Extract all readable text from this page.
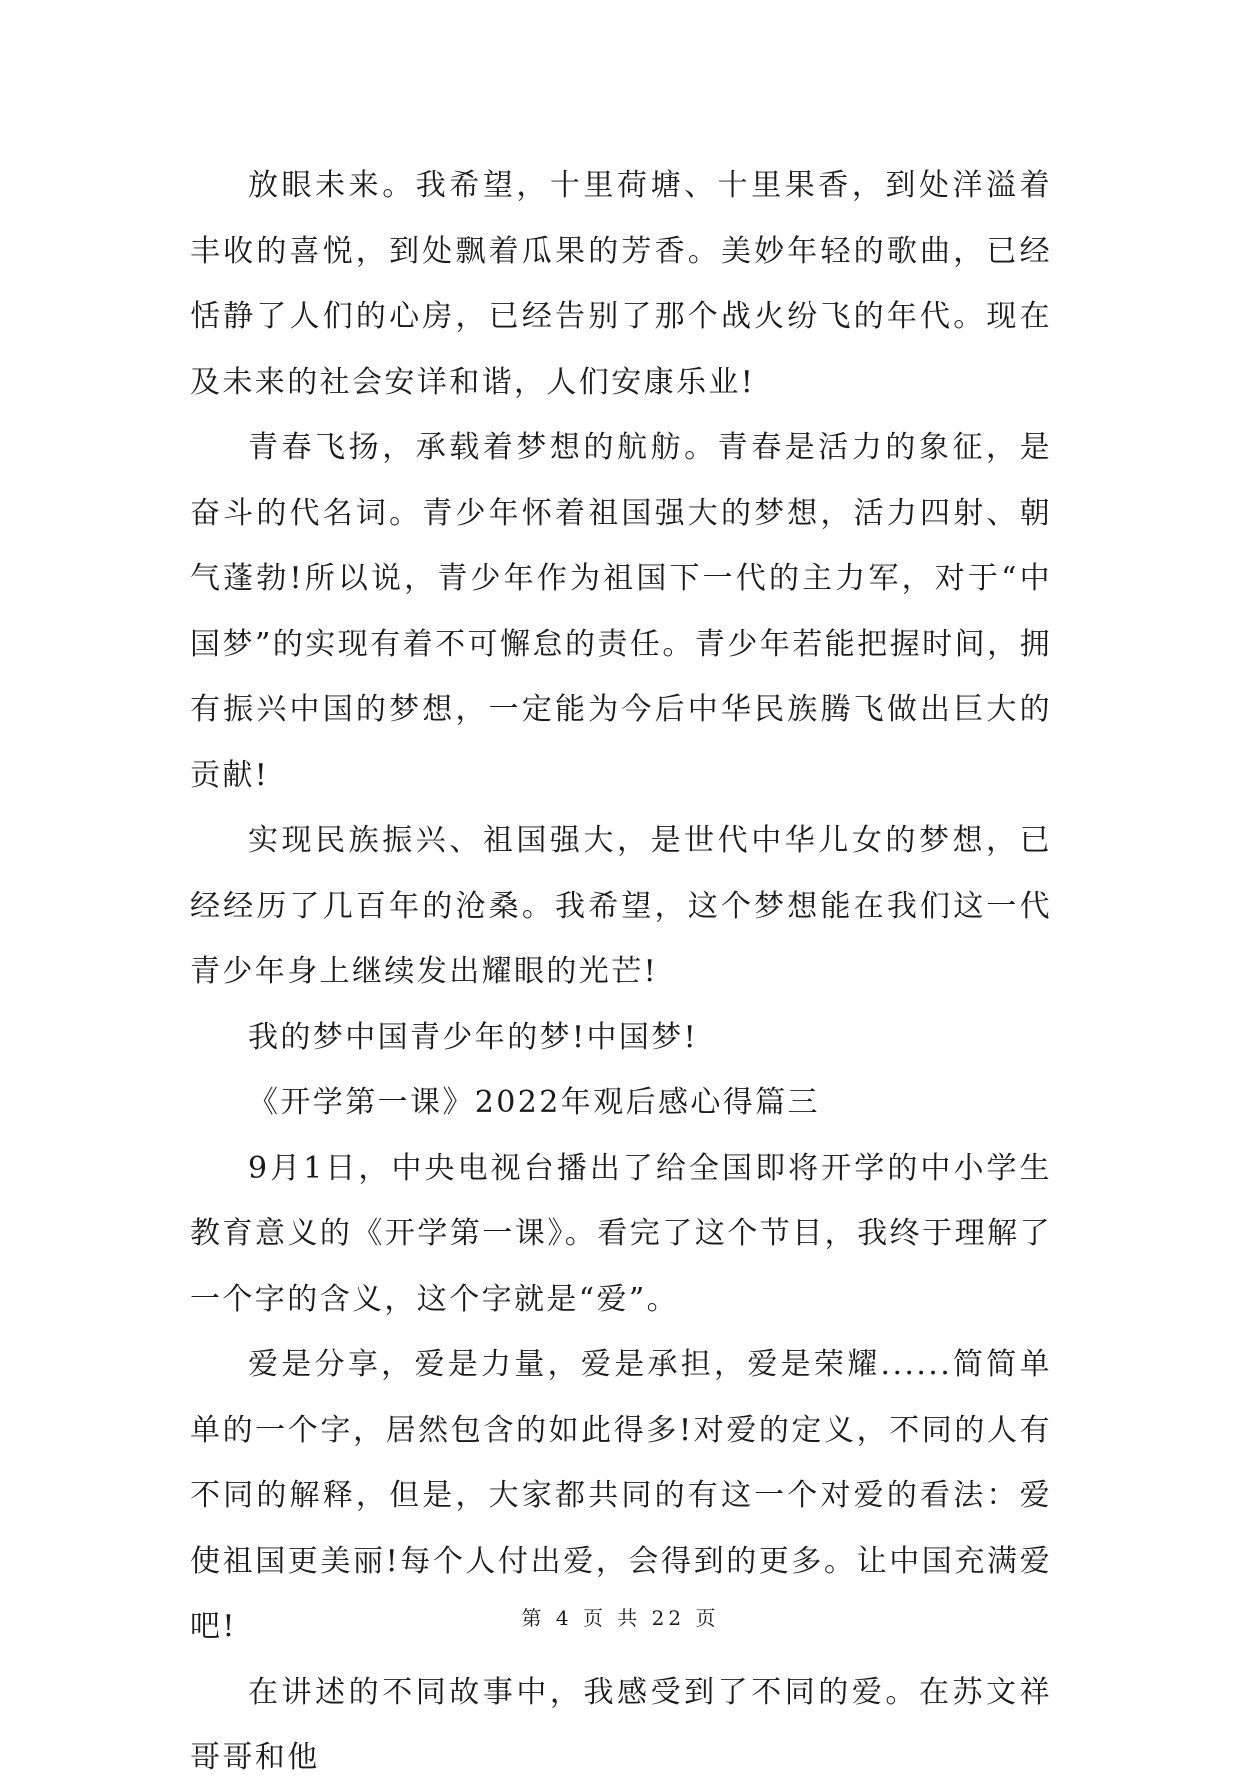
放眼未来。我希望，十里荷塘、十里果香，到处洋溢着丰收的喜悦，到处飘着瓜果的芳香。美妙年轻的歌曲，已经恬静了人们的心房，已经告别了那个战火纷飞的年代。现在及未来的社会安详和谐，人们安康乐业!

青春飞扬，承载着梦想的航舫。青春是活力的象征，是奋斗的代名词。青少年怀着祖国强大的梦想，活力四射、朝气蓬勃!所以说，青少年作为祖国下一代的主力军，对于“中国梦”的实现有着不可懈怠的责任。青少年若能把握时间，拥有振兴中国的梦想，一定能为今后中华民族腾飞做出巨大的贡献!

实现民族振兴、祖国强大，是世代中华儿女的梦想，已经经历了几百年的沧桑。我希望，这个梦想能在我们这一代青少年身上继续发出耀眼的光芒!

我的梦中国青少年的梦!中国梦!

《开学第一课》2022年观后感心得篇三

9月1日，中央电视台播出了给全国即将开学的中小学生教育意义的《开学第一课》。看完了这个节目，我终于理解了一个字的含义，这个字就是“爱”。

爱是分享，爱是力量，爱是承担，爱是荣耀......简简单单的一个字，居然包含的如此得多!对爱的定义，不同的人有不同的解释，但是，大家都共同的有这一个对爱的看法：爱使祖国更美丽!每个人付出爱，会得到的更多。让中国充满爱吧!

在讲述的不同故事中，我感受到了不同的爱。在苏文祥哥哥和他

第 4 页 共 22 页
